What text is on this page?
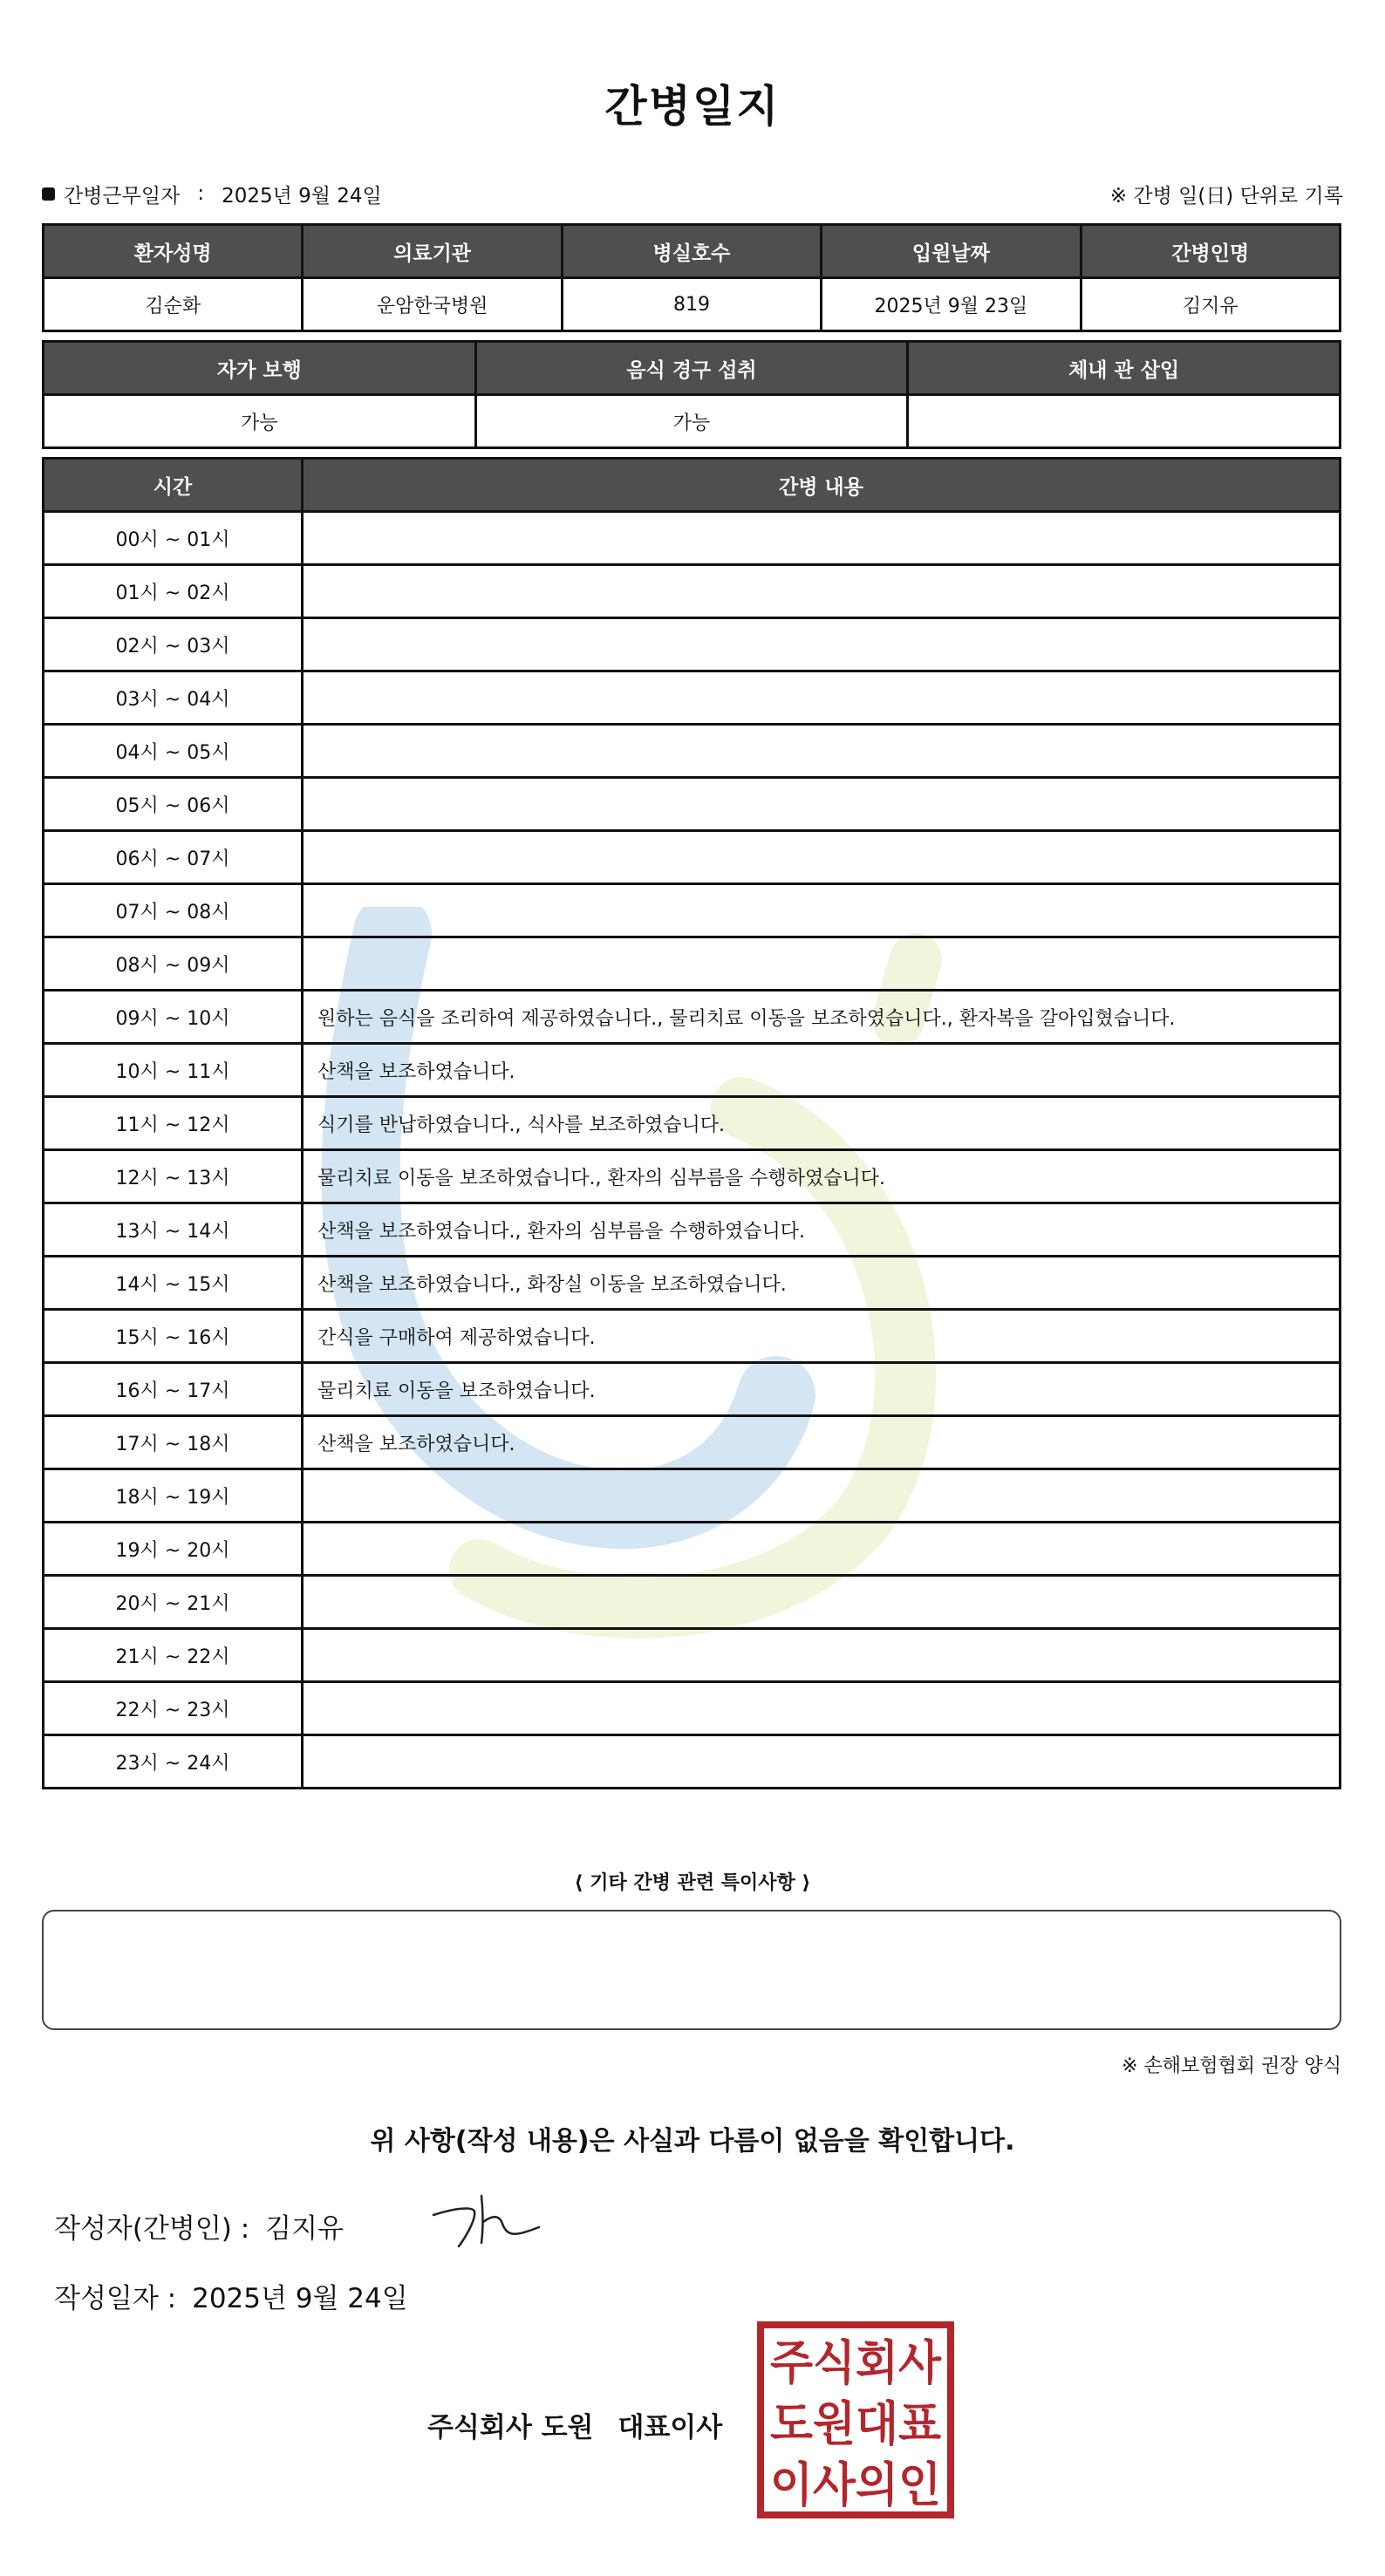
간병일지
간병근무일자 : 2025년 9월 24일	※ 간병 일(日) 단위로 기록
환자성명	의료기관	병실호수	입원날짜	간병인명
김순화	운암한국병원	819	2025년 9월 23일	김지유
자가 보행	음식 경구 섭취	체내 관 삽입
가능	가능	
시간	간병 내용
00시 ~ 01시	
01시 ~ 02시	
02시 ~ 03시	
03시 ~ 04시	
04시 ~ 05시	
05시 ~ 06시	
06시 ~ 07시	
07시 ~ 08시	
08시 ~ 09시	
09시 ~ 10시	원하는 음식을 조리하여 제공하였습니다., 물리치료 이동을 보조하였습니다., 환자복을 갈아입혔습니다.
10시 ~ 11시	산책을 보조하였습니다.
11시 ~ 12시	식기를 반납하였습니다., 식사를 보조하였습니다.
12시 ~ 13시	물리치료 이동을 보조하였습니다., 환자의 심부름을 수행하였습니다.
13시 ~ 14시	산책을 보조하였습니다., 환자의 심부름을 수행하였습니다.
14시 ~ 15시	산책을 보조하였습니다., 화장실 이동을 보조하였습니다.
15시 ~ 16시	간식을 구매하여 제공하였습니다.
16시 ~ 17시	물리치료 이동을 보조하였습니다.
17시 ~ 18시	산책을 보조하였습니다.
18시 ~ 19시	
19시 ~ 20시	
20시 ~ 21시	
21시 ~ 22시	
22시 ~ 23시	
23시 ~ 24시	
⟨ 기타 간병 관련 특이사항 ⟩
※ 손해보험협회 권장 양식
위 사항(작성 내용)은 사실과 다름이 없음을 확인합니다.
작성자(간병인) : 김지유
작성일자 : 2025년 9월 24일
주식회사 도원 대표이사
주식회사
도원대표
이사의인
